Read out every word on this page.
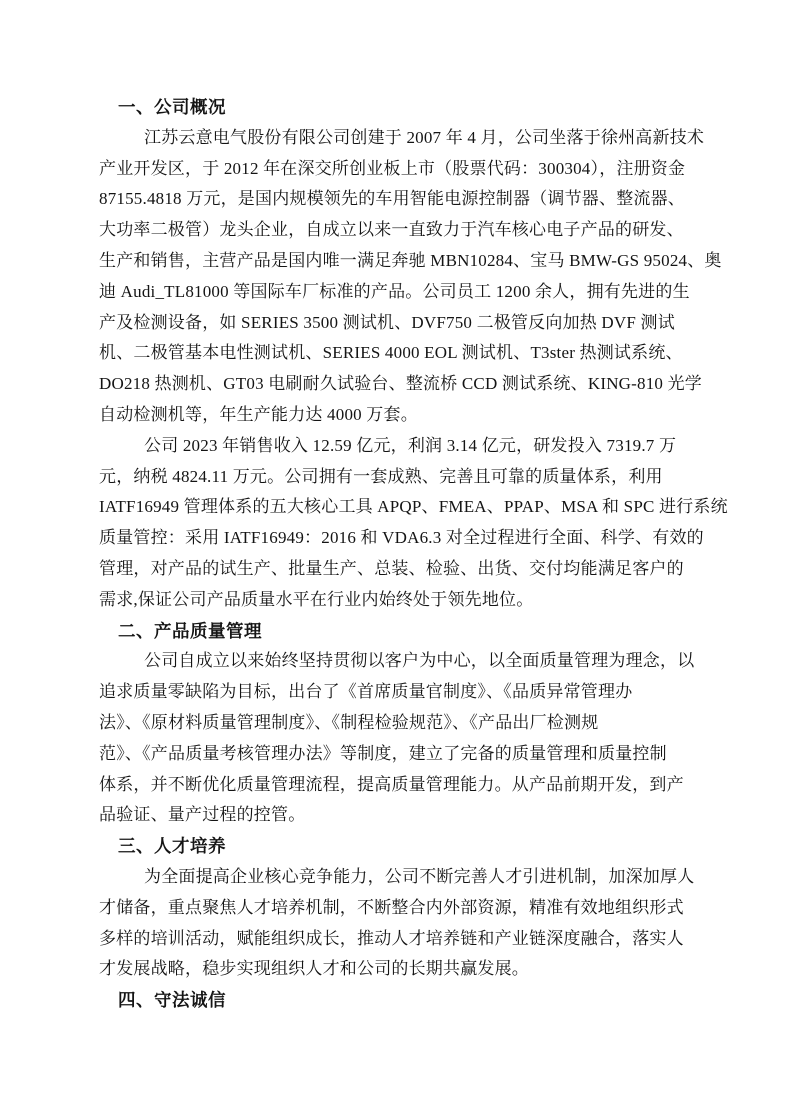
一、公司概况
江苏云意电气股份有限公司创建于 2007 年 4 月，公司坐落于徐州高新技术
产业开发区，于 2012 年在深交所创业板上市（股票代码：300304），注册资金
87155.4818 万元，是国内规模领先的车用智能电源控制器（调节器、整流器、
大功率二极管）龙头企业，自成立以来一直致力于汽车核心电子产品的研发、
生产和销售，主营产品是国内唯一满足奔驰 MBN10284、宝马 BMW-GS 95024、奥
迪 Audi_TL81000 等国际车厂标准的产品。公司员工 1200 余人，拥有先进的生
产及检测设备，如 SERIES 3500 测试机、DVF750 二极管反向加热 DVF 测试
机、二极管基本电性测试机、SERIES 4000 EOL 测试机、T3ster 热测试系统、
DO218 热测机、GT03 电刷耐久试验台、整流桥 CCD 测试系统、KING-810 光学
自动检测机等，年生产能力达 4000 万套。
公司 2023 年销售收入 12.59 亿元，利润 3.14 亿元，研发投入 7319.7 万
元，纳税 4824.11 万元。公司拥有一套成熟、完善且可靠的质量体系，利用
IATF16949 管理体系的五大核心工具 APQP、FMEA、PPAP、MSA 和 SPC 进行系统
质量管控：采用 IATF16949：2016 和 VDA6.3 对全过程进行全面、科学、有效的
管理，对产品的试生产、批量生产、总装、检验、出货、交付均能满足客户的
需求,保证公司产品质量水平在行业内始终处于领先地位。
二、产品质量管理
公司自成立以来始终坚持贯彻以客户为中心，以全面质量管理为理念，以
追求质量零缺陷为目标，出台了《首席质量官制度》、《品质异常管理办
法》、《原材料质量管理制度》、《制程检验规范》、《产品出厂检测规
范》、《产品质量考核管理办法》等制度，建立了完备的质量管理和质量控制
体系，并不断优化质量管理流程，提高质量管理能力。从产品前期开发，到产
品验证、量产过程的控管。
三、人才培养
为全面提高企业核心竞争能力，公司不断完善人才引进机制，加深加厚人
才储备，重点聚焦人才培养机制，不断整合内外部资源，精准有效地组织形式
多样的培训活动，赋能组织成长，推动人才培养链和产业链深度融合，落实人
才发展战略，稳步实现组织人才和公司的长期共赢发展。
四、守法诚信
